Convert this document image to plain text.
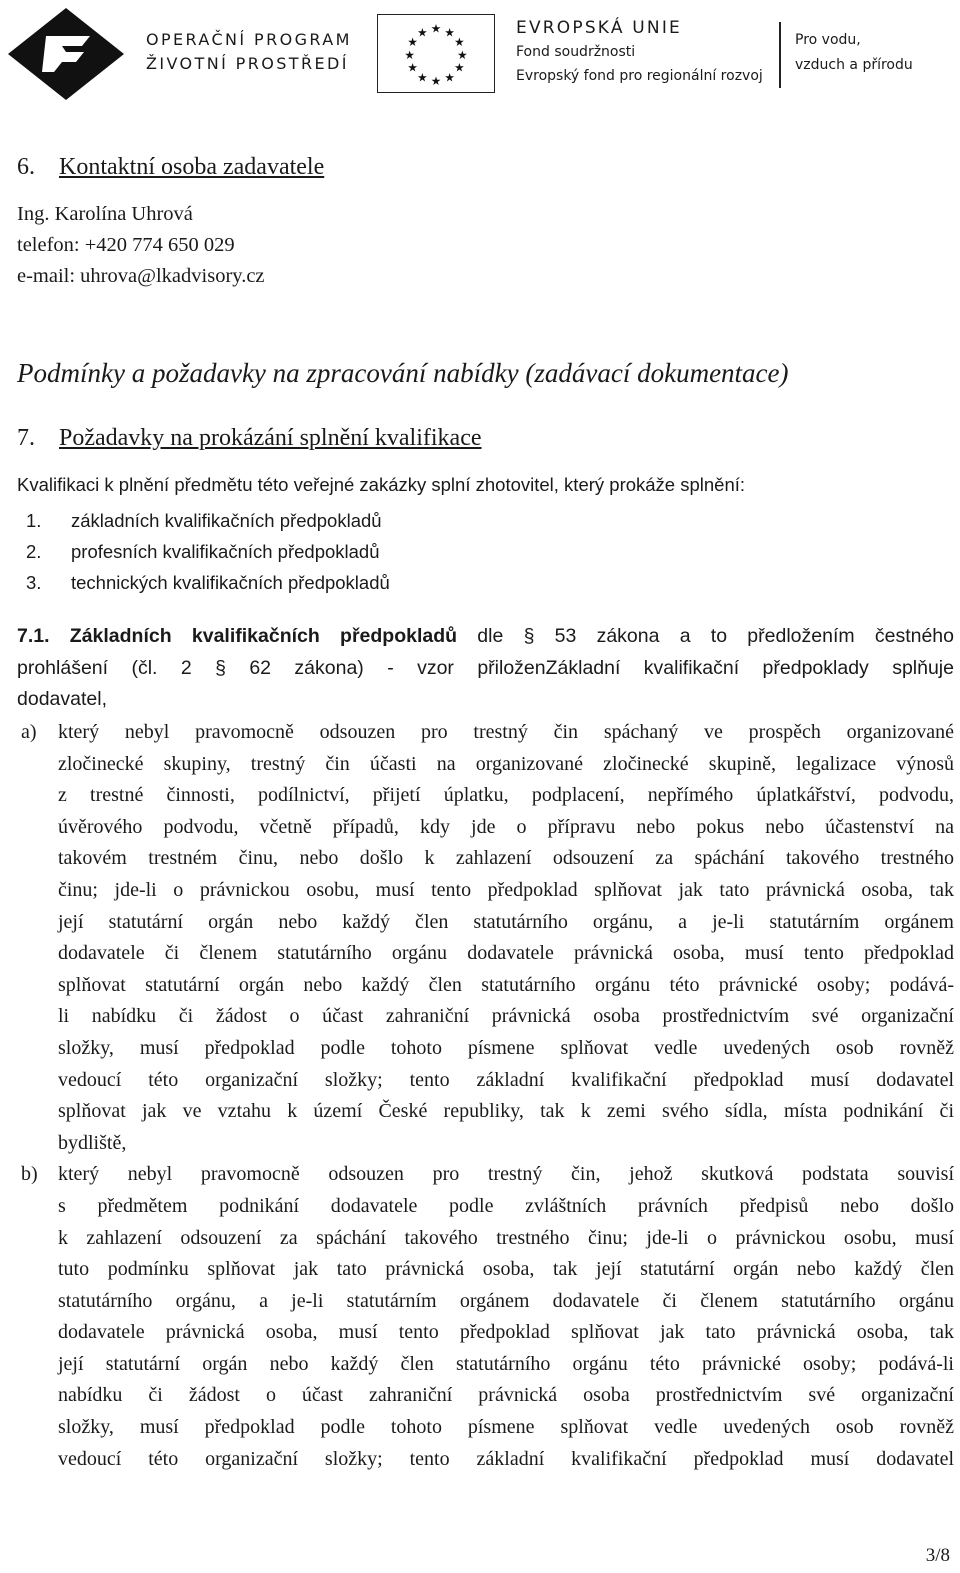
OPERAČNÍ PROGRAM
ŽIVOTNÍ PROSTŘEDÍ
★ ★
★
★
★
★
★
★
★
★
★
★	EVROPSKÁ UNIE
Fond soudržnosti
Evropský fond pro regionální rozvoj
Pro vodu,
vzduch a přírodu
6. Kontaktní osoba zadavatele
Ing. Karolína Uhrová
telefon: +420 774 650 029
e-mail: uhrova@lkadvisory.cz
Podmínky a požadavky na zpracování nabídky (zadávací dokumentace)
7. Požadavky na prokázání splnění kvalifikace
Kvalifikaci k plnění předmětu této veřejné zakázky splní zhotovitel, který prokáže splnění:
1. základních kvalifikačních předpokladů
2. profesních kvalifikačních předpokladů
3. technických kvalifikačních předpokladů
7.1. Základních kvalifikačních předpokladů dle § 53 zákona a to předložením čestného
prohlášení (čl. 2 § 62 zákona) - vzor přiloženZákladní kvalifikační předpoklady splňuje
dodavatel,
a) který nebyl pravomocně odsouzen pro trestný čin spáchaný ve prospěch organizované
zločinecké skupiny, trestný čin účasti na organizované zločinecké skupině, legalizace výnosů
z trestné činnosti, podílnictví, přijetí úplatku, podplacení, nepřímého úplatkářství, podvodu,
úvěrového podvodu, včetně případů, kdy jde o přípravu nebo pokus nebo účastenství na
takovém trestném činu, nebo došlo k zahlazení odsouzení za spáchání takového trestného
činu; jde-li o právnickou osobu, musí tento předpoklad splňovat jak tato právnická osoba, tak
její statutární orgán nebo každý člen statutárního orgánu, a je-li statutárním orgánem
dodavatele či členem statutárního orgánu dodavatele právnická osoba, musí tento předpoklad
splňovat statutární orgán nebo každý člen statutárního orgánu této právnické osoby; podává-
li nabídku či žádost o účast zahraniční právnická osoba prostřednictvím své organizační
složky, musí předpoklad podle tohoto písmene splňovat vedle uvedených osob rovněž
vedoucí této organizační složky; tento základní kvalifikační předpoklad musí dodavatel
splňovat jak ve vztahu k území České republiky, tak k zemi svého sídla, místa podnikání či
bydliště,
b) který nebyl pravomocně odsouzen pro trestný čin, jehož skutková podstata souvisí
s předmětem podnikání dodavatele podle zvláštních právních předpisů nebo došlo
k zahlazení odsouzení za spáchání takového trestného činu; jde-li o právnickou osobu, musí
tuto podmínku splňovat jak tato právnická osoba, tak její statutární orgán nebo každý člen
statutárního orgánu, a je-li statutárním orgánem dodavatele či členem statutárního orgánu
dodavatele právnická osoba, musí tento předpoklad splňovat jak tato právnická osoba, tak
její statutární orgán nebo každý člen statutárního orgánu této právnické osoby; podává-li
nabídku či žádost o účast zahraniční právnická osoba prostřednictvím své organizační
složky, musí předpoklad podle tohoto písmene splňovat vedle uvedených osob rovněž
vedoucí této organizační složky; tento základní kvalifikační předpoklad musí dodavatel
3/8
